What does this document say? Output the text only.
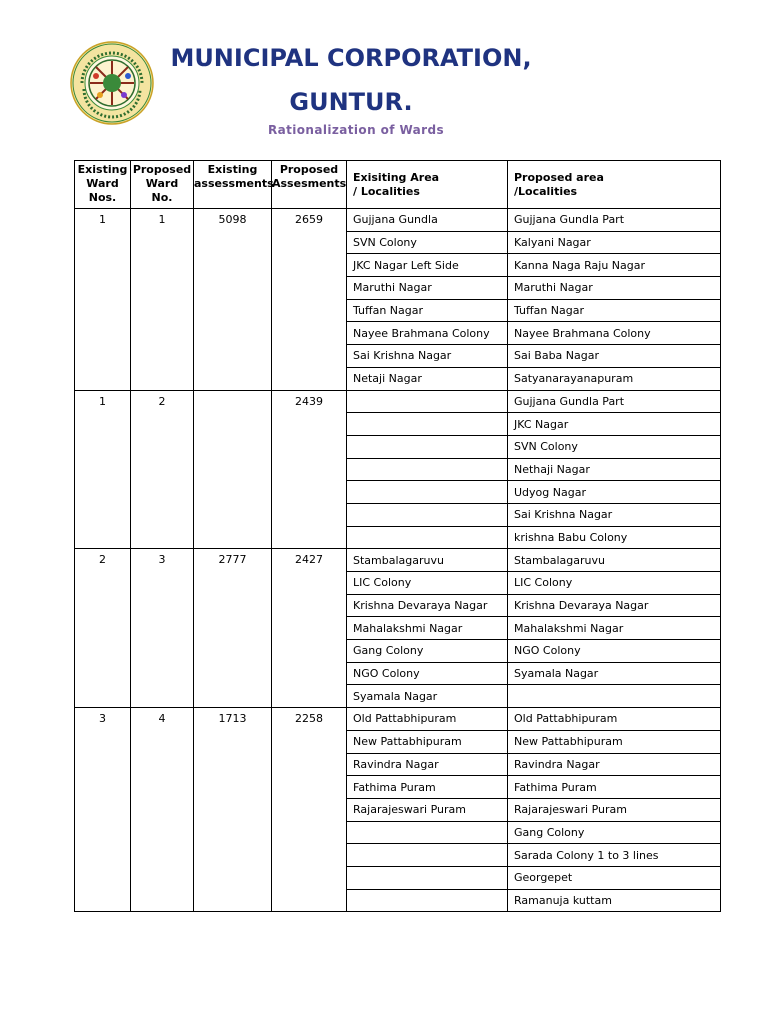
MUNICIPAL CORPORATION,
GUNTUR.
Rationalization of Wards
Existing
Ward
Nos.	Proposed
Ward
No.	Existing
assessments	Proposed
Assesments	Exisiting Area
/ Localities	Proposed area
/Localities
1	1	5098	2659	Gujjana Gundla	Gujjana Gundla Part
				SVN Colony	Kalyani Nagar
				JKC Nagar Left Side	Kanna Naga Raju Nagar
				Maruthi Nagar	Maruthi Nagar
				Tuffan Nagar	Tuffan Nagar
				Nayee Brahmana Colony	Nayee Brahmana Colony
				Sai Krishna Nagar	Sai Baba Nagar
				Netaji Nagar	Satyanarayanapuram
1	2		2439		Gujjana Gundla Part
					JKC Nagar
					SVN Colony
					Nethaji Nagar
					Udyog Nagar
					Sai Krishna Nagar
					krishna Babu Colony
2	3	2777	2427	Stambalagaruvu	Stambalagaruvu
				LIC Colony	LIC Colony
				Krishna Devaraya Nagar	Krishna Devaraya Nagar
				Mahalakshmi Nagar	Mahalakshmi Nagar
				Gang Colony	NGO Colony
				NGO Colony	Syamala Nagar
				Syamala Nagar	
3	4	1713	2258	Old Pattabhipuram	Old Pattabhipuram
				New Pattabhipuram	New Pattabhipuram
				Ravindra Nagar	Ravindra Nagar
				Fathima Puram	Fathima Puram
				Rajarajeswari Puram	Rajarajeswari Puram
					Gang Colony
					Sarada Colony 1 to 3 lines
					Georgepet
					Ramanuja kuttam
